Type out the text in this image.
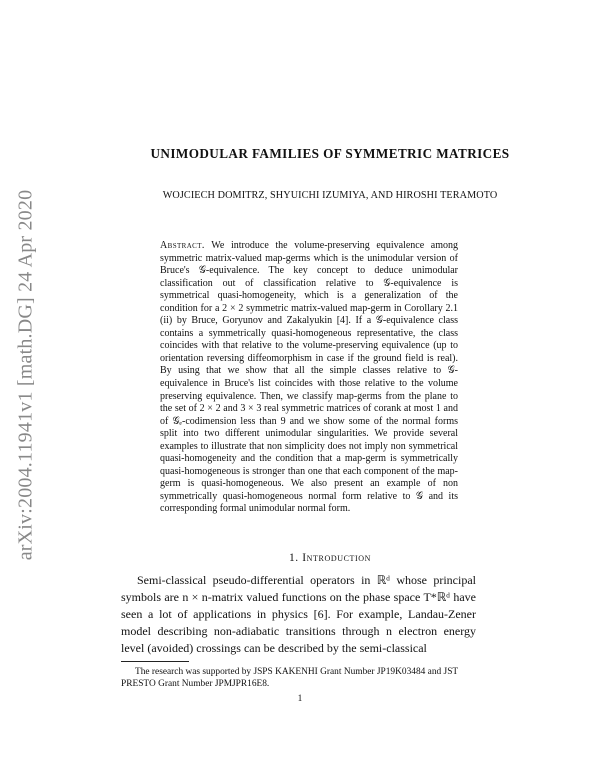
arXiv:2004.11941v1 [math.DG] 24 Apr 2020
UNIMODULAR FAMILIES OF SYMMETRIC MATRICES
WOJCIECH DOMITRZ, SHYUICHI IZUMIYA, AND HIROSHI TERAMOTO
Abstract. We introduce the volume-preserving equivalence among symmetric matrix-valued map-germs which is the unimodular version of Bruce's 𝒢-equivalence. The key concept to deduce unimodular classification out of classification relative to 𝒢-equivalence is symmetrical quasi-homogeneity, which is a generalization of the condition for a 2 × 2 symmetric matrix-valued map-germ in Corollary 2.1 (ii) by Bruce, Goryunov and Zakalyukin [4]. If a 𝒢-equivalence class contains a symmetrically quasi-homogeneous representative, the class coincides with that relative to the volume-preserving equivalence (up to orientation reversing diffeomorphism in case if the ground field is real). By using that we show that all the simple classes relative to 𝒢-equivalence in Bruce's list coincides with those relative to the volume preserving equivalence. Then, we classify map-germs from the plane to the set of 2 × 2 and 3 × 3 real symmetric matrices of corank at most 1 and of 𝒢ₑ-codimension less than 9 and we show some of the normal forms split into two different unimodular singularities. We provide several examples to illustrate that non simplicity does not imply non symmetrical quasi-homogeneity and the condition that a map-germ is symmetrically quasi-homogeneous is stronger than one that each component of the map-germ is quasi-homogeneous. We also present an example of non symmetrically quasi-homogeneous normal form relative to 𝒢 and its corresponding formal unimodular normal form.
1. Introduction
Semi-classical pseudo-differential operators in ℝᵈ whose principal symbols are n × n-matrix valued functions on the phase space T*ℝᵈ have seen a lot of applications in physics [6]. For example, Landau-Zener model describing non-adiabatic transitions through n electron energy level (avoided) crossings can be described by the semi-classical
The research was supported by JSPS KAKENHI Grant Number JP19K03484 and JST PRESTO Grant Number JPMJPR16E8.
1
